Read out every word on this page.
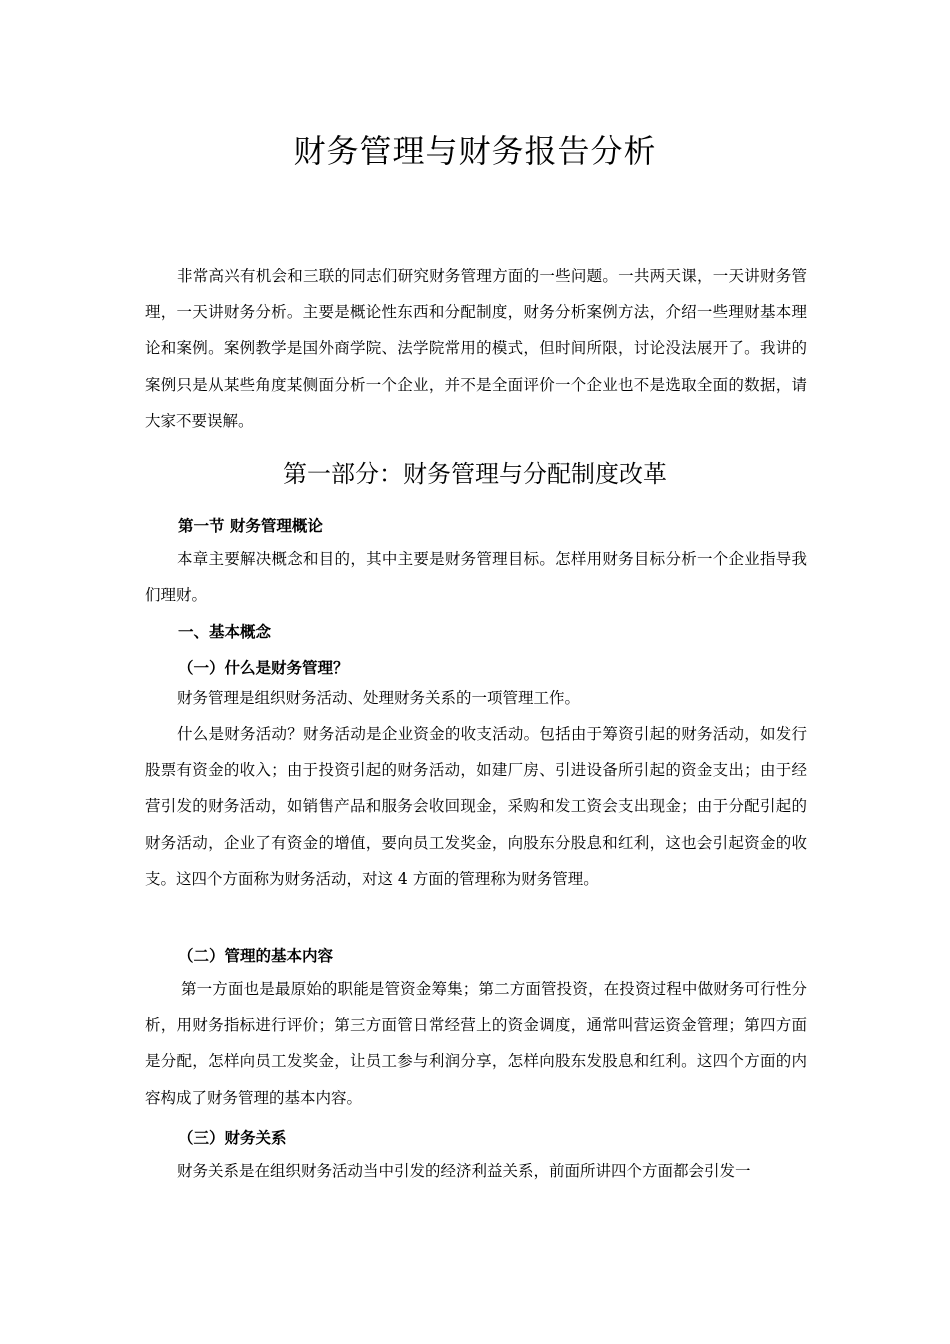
财务管理与财务报告分析

非常高兴有机会和三联的同志们研究财务管理方面的一些问题。一共两天课，一天讲财务管理，一天讲财务分析。主要是概论性东西和分配制度，财务分析案例方法，介绍一些理财基本理论和案例。案例教学是国外商学院、法学院常用的模式，但时间所限，讨论没法展开了。我讲的案例只是从某些角度某侧面分析一个企业，并不是全面评价一个企业也不是选取全面的数据，请大家不要误解。

第一部分：财务管理与分配制度改革
第一节 财务管理概论

本章主要解决概念和目的，其中主要是财务管理目标。怎样用财务目标分析一个企业指导我们理财。

一、基本概念
（一）什么是财务管理？

财务管理是组织财务活动、处理财务关系的一项管理工作。

什么是财务活动？财务活动是企业资金的收支活动。包括由于筹资引起的财务活动，如发行股票有资金的收入；由于投资引起的财务活动，如建厂房、引进设备所引起的资金支出；由于经营引发的财务活动，如销售产品和服务会收回现金，采购和发工资会支出现金；由于分配引起的财务活动，企业了有资金的增值，要向员工发奖金，向股东分股息和红利，这也会引起资金的收支。这四个方面称为财务活动，对这 4 方面的管理称为财务管理。

（二）管理的基本内容

第一方面也是最原始的职能是管资金筹集；第二方面管投资，在投资过程中做财务可行性分析，用财务指标进行评价；第三方面管日常经营上的资金调度，通常叫营运资金管理；第四方面是分配，怎样向员工发奖金，让员工参与利润分享，怎样向股东发股息和红利。这四个方面的内容构成了财务管理的基本内容。

（三）财务关系

财务关系是在组织财务活动当中引发的经济利益关系，前面所讲四个方面都会引发一
